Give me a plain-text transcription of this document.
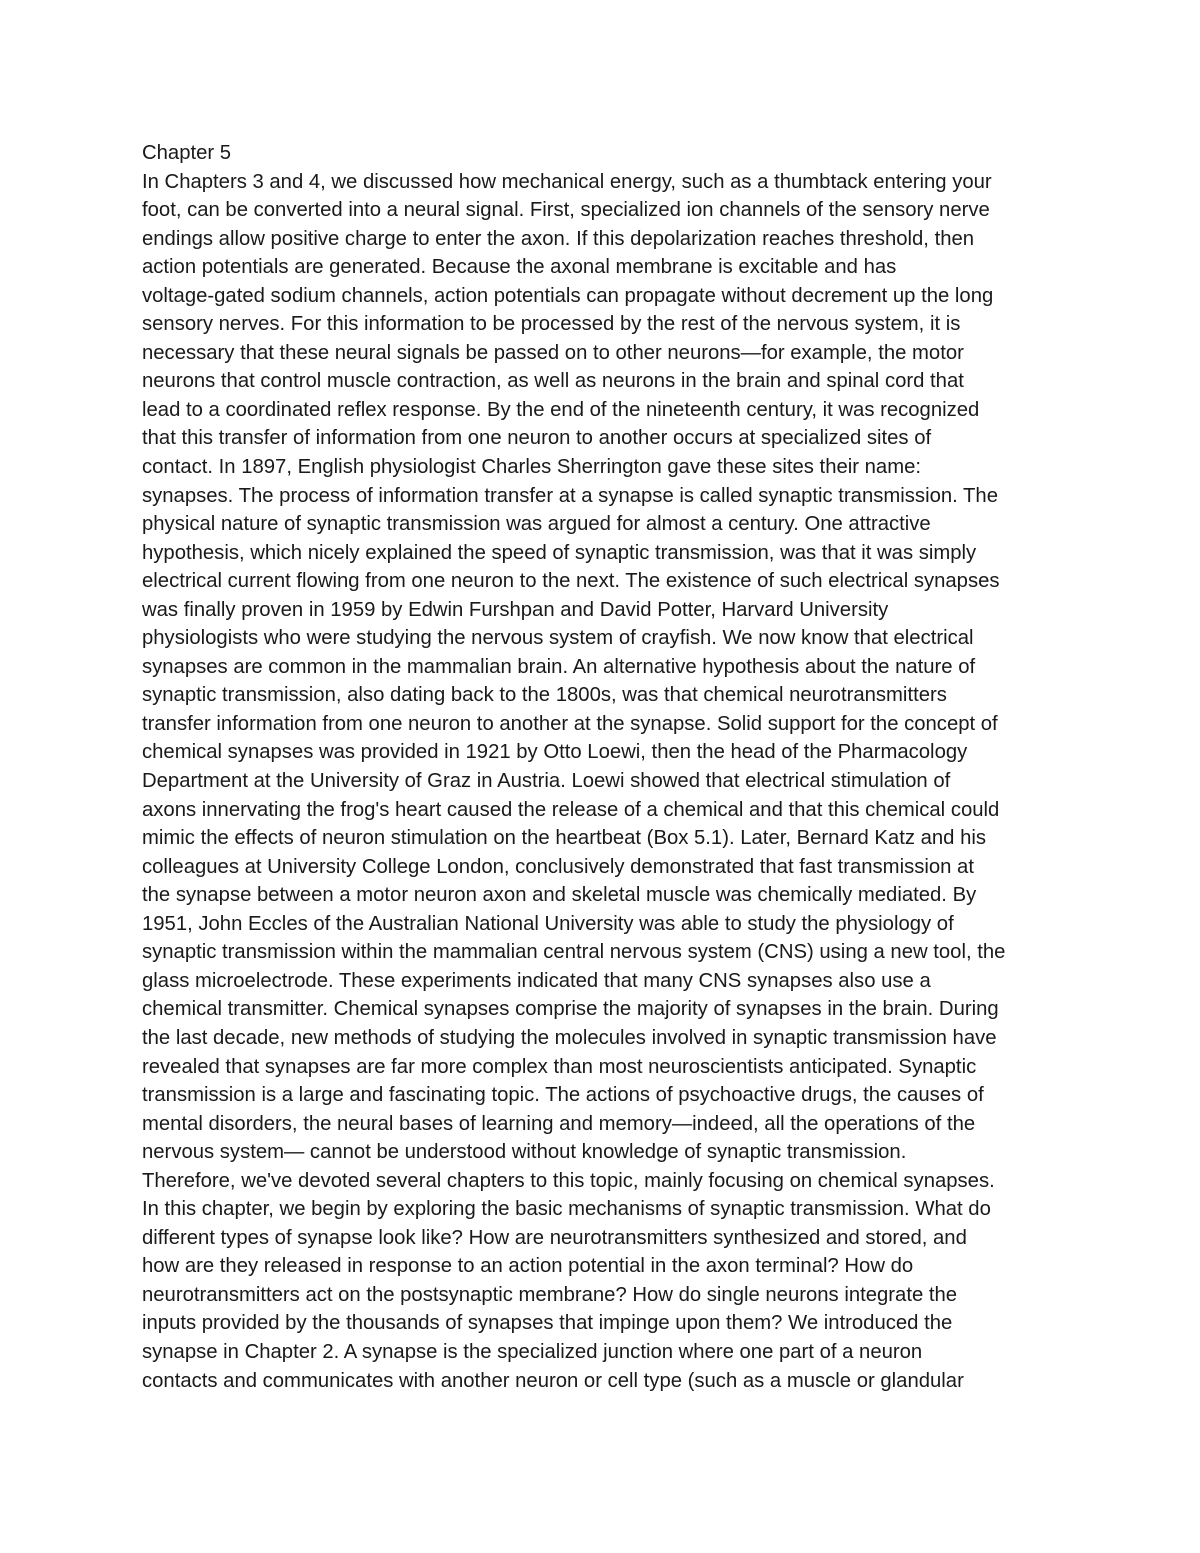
Chapter 5
In Chapters 3 and 4, we discussed how mechanical energy, such as a thumbtack entering your
foot, can be converted into a neural signal. First, specialized ion channels of the sensory nerve
endings allow positive charge to enter the axon. If this depolarization reaches threshold, then
action potentials are generated. Because the axonal membrane is excitable and has
voltage-gated sodium channels, action potentials can propagate without decrement up the long
sensory nerves. For this information to be processed by the rest of the nervous system, it is
necessary that these neural signals be passed on to other neurons—for example, the motor
neurons that control muscle contraction, as well as neurons in the brain and spinal cord that
lead to a coordinated reflex response. By the end of the nineteenth century, it was recognized
that this transfer of information from one neuron to another occurs at specialized sites of
contact. In 1897, English physiologist Charles Sherrington gave these sites their name:
synapses. The process of information transfer at a synapse is called synaptic transmission. The
physical nature of synaptic transmission was argued for almost a century. One attractive
hypothesis, which nicely explained the speed of synaptic transmission, was that it was simply
electrical current flowing from one neuron to the next. The existence of such electrical synapses
was finally proven in 1959 by Edwin Furshpan and David Potter, Harvard University
physiologists who were studying the nervous system of crayfish. We now know that electrical
synapses are common in the mammalian brain. An alternative hypothesis about the nature of
synaptic transmission, also dating back to the 1800s, was that chemical neurotransmitters
transfer information from one neuron to another at the synapse. Solid support for the concept of
chemical synapses was provided in 1921 by Otto Loewi, then the head of the Pharmacology
Department at the University of Graz in Austria. Loewi showed that electrical stimulation of
axons innervating the frog's heart caused the release of a chemical and that this chemical could
mimic the effects of neuron stimulation on the heartbeat (Box 5.1). Later, Bernard Katz and his
colleagues at University College London, conclusively demonstrated that fast transmission at
the synapse between a motor neuron axon and skeletal muscle was chemically mediated. By
1951, John Eccles of the Australian National University was able to study the physiology of
synaptic transmission within the mammalian central nervous system (CNS) using a new tool, the
glass microelectrode. These experiments indicated that many CNS synapses also use a
chemical transmitter. Chemical synapses comprise the majority of synapses in the brain. During
the last decade, new methods of studying the molecules involved in synaptic transmission have
revealed that synapses are far more complex than most neuroscientists anticipated. Synaptic
transmission is a large and fascinating topic. The actions of psychoactive drugs, the causes of
mental disorders, the neural bases of learning and memory—indeed, all the operations of the
nervous system— cannot be understood without knowledge of synaptic transmission.
Therefore, we've devoted several chapters to this topic, mainly focusing on chemical synapses.
In this chapter, we begin by exploring the basic mechanisms of synaptic transmission. What do
different types of synapse look like? How are neurotransmitters synthesized and stored, and
how are they released in response to an action potential in the axon terminal? How do
neurotransmitters act on the postsynaptic membrane? How do single neurons integrate the
inputs provided by the thousands of synapses that impinge upon them? We introduced the
synapse in Chapter 2. A synapse is the specialized junction where one part of a neuron
contacts and communicates with another neuron or cell type (such as a muscle or glandular
